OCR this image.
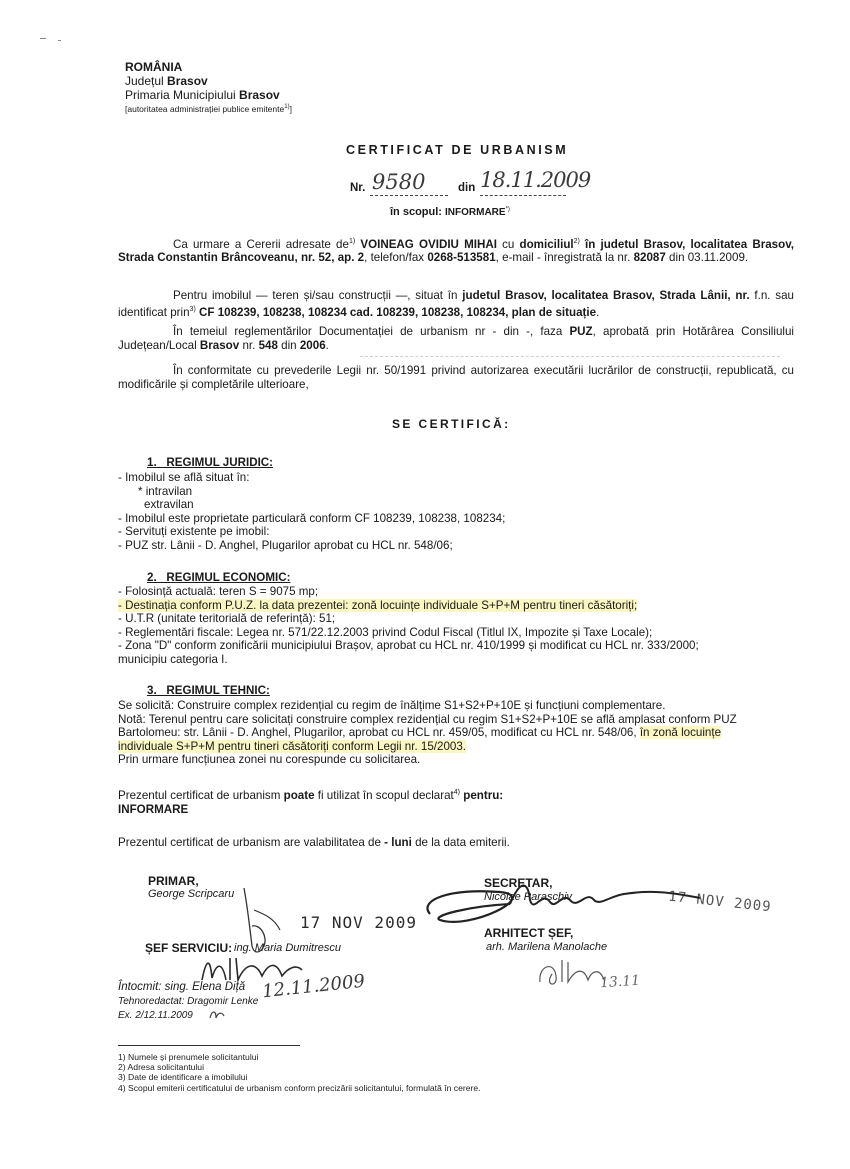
ROMÂNIA
Județul Brasov
Primaria Municipiului Brasov
[autoritatea administrației publice emitente$^{1)}$]
CERTIFICAT DE URBANISM
Nr. 9580	din 18.11.2009
în scopul: INFORMARE*)
Ca urmare a Cererii adresate $de^{1)}$ VOINEAG OVIDIU MIHAI cu domiciliul$^{2)}$ în judetul Brasov, localitatea Brasov, Strada Constantin Brâncoveanu, nr. 52, ap. 2, telefon/fax 0268-513581, e-mail - înregistrată la nr. 82087 din 03.11.2009.
Pentru imobilul — teren și/sau construcții —, situat în judetul Brasov, localitatea Brasov, Strada Lânii, nr. f.n. sau identificat prin$^{3)}$ CF 108239, 108238, 108234 cad. 108239, 108238, 108234, plan de situație.
În temeiul reglementărilor Documentației de urbanism nr - din -, faza PUZ, aprobată prin Hotărârea Consiliului Județean/Local Brasov nr. 548 din 2006.
În conformitate cu prevederile Legii nr. 50/1991 privind autorizarea executării lucrărilor de construcții, republicată, cu modificările și completările ulterioare,
SE CERTIFICĂ:
1.   REGIMUL JURIDIC:
- Imobilul se află situat în:
* intravilan
extravilan
- Imobilul este proprietate particulară conform CF 108239, 108238, 108234;
- Servituți existente pe imobil:
- PUZ str. Lânii - D. Anghel, Plugarilor aprobat cu HCL nr. 548/06;
2.   REGIMUL ECONOMIC:
- Folosință actuală: teren S = 9075 mp;
- Destinația conform P.U.Z. la data prezentei: zonă locuințe individuale S+P+M pentru tineri căsătoriți;
- U.T.R (unitate teritorială de referință): 51;
- Reglementări fiscale: Legea nr. 571/22.12.2003 privind Codul Fiscal (Titlul IX, Impozite și Taxe Locale);
- Zona "D" conform zonificării municipiului Brașov, aprobat cu HCL nr. 410/1999 și modificat cu HCL nr. 333/2000;
municipiu categoria I.
3.   REGIMUL TEHNIC:
Se solicită: Construire complex rezidențial cu regim de înălțime S1+S2+P+10E și funcțiuni complementare.
Notă: Terenul pentru care solicitați construire complex rezidențial cu regim S1+S2+P+10E se află amplasat conform PUZ
Bartolomeu: str. Lânii - D. Anghel, Plugarilor, aprobat cu HCL nr. 459/05, modificat cu HCL nr. 548/06, în zonă locuințe
individuale S+P+M pentru tineri căsătoriți conform Legii nr. 15/2003.
Prin urmare funcțiunea zonei nu corespunde cu solicitarea.
Prezentul certificat de urbanism poate fi utilizat în scopul declarat$^{4)}$ pentru:
INFORMARE
Prezentul certificat de urbanism are valabilitatea de - luni de la data emiterii.
PRIMAR,
George Scripcaru
SECRETAR,
Nicolae Paraschiv
17 NOV 2009
17 NOV 2009
ȘEF SERVICIU: ing. Maria Dumitrescu
ARHITECT ȘEF,
arh. Marilena Manolache
12.11.2009	13.11
Întocmit: sing. Elena Diță
Tehnoredactat: Dragomir Lenke
Ex. 2/12.11.2009
1) Numele și prenumele solicitantului
2) Adresa solicitantului
3) Date de identificare a imobilului
4) Scopul emiterii certificatului de urbanism conform precizării solicitantului, formulată în cerere.
